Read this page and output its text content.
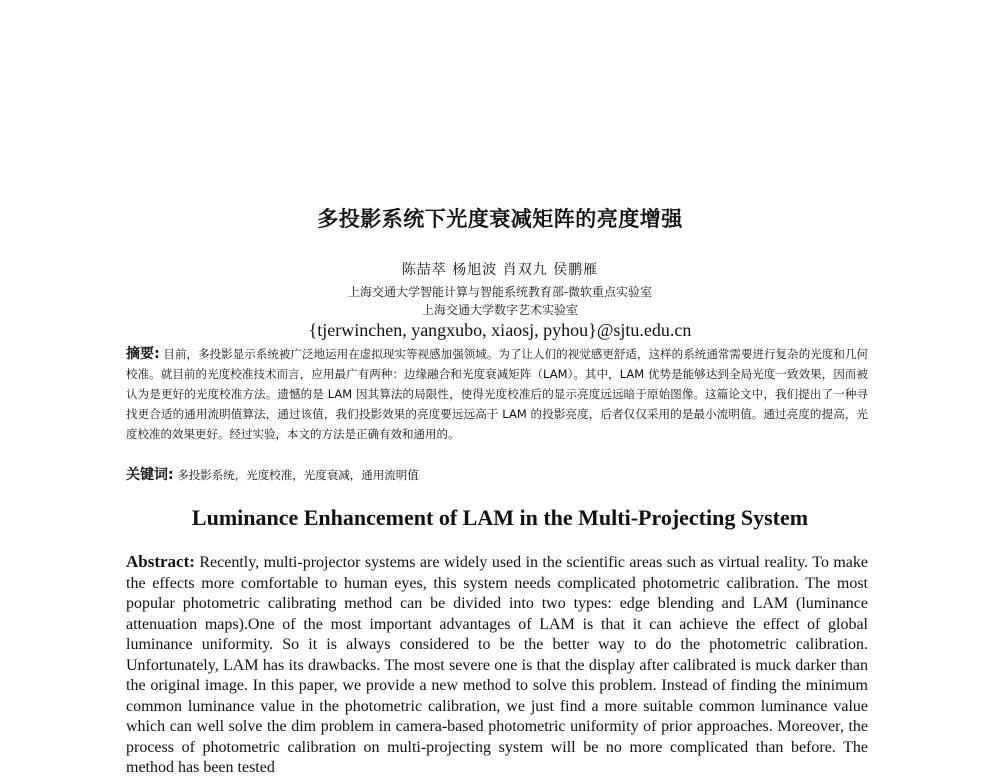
多投影系统下光度衰减矩阵的亮度增强
陈喆萃 杨旭波 肖双九 侯鹏雁
上海交通大学智能计算与智能系统教育部-微软重点实验室
上海交通大学数字艺术实验室
{tjerwinchen, yangxubo, xiaosj, pyhou}@sjtu.edu.cn
摘要: 目前，多投影显示系统被广泛地运用在虚拟现实等视感加强领域。为了让人们的视觉感更舒适，这样的系统通常需要进行复杂的光度和几何校准。就目前的光度校准技术而言，应用最广有两种：边缘融合和光度衰减矩阵（LAM）。其中，LAM 优势是能够达到全局光度一致效果，因而被认为是更好的光度校准方法。遗憾的是 LAM 因其算法的局限性，使得光度校准后的显示亮度远远暗于原始图像。这篇论文中，我们提出了一种寻找更合适的通用流明值算法，通过该值，我们投影效果的亮度要远远高于 LAM 的投影亮度，后者仅仅采用的是最小流明值。通过亮度的提高，光度校准的效果更好。经过实验，本文的方法是正确有效和通用的。
关键词: 多投影系统，光度校准，光度衰减，通用流明值
Luminance Enhancement of LAM in the Multi-Projecting System
Abstract: Recently, multi-projector systems are widely used in the scientific areas such as virtual reality. To make the effects more comfortable to human eyes, this system needs complicated photometric calibration. The most popular photometric calibrating method can be divided into two types: edge blending and LAM (luminance attenuation maps).One of the most important advantages of LAM is that it can achieve the effect of global luminance uniformity. So it is always considered to be the better way to do the photometric calibration. Unfortunately, LAM has its drawbacks. The most severe one is that the display after calibrated is muck darker than the original image. In this paper, we provide a new method to solve this problem. Instead of finding the minimum common luminance value in the photometric calibration, we just find a more suitable common luminance value which can well solve the dim problem in camera-based photometric uniformity of prior approaches. Moreover, the process of photometric calibration on multi-projecting system will be no more complicated than before. The method has been tested
